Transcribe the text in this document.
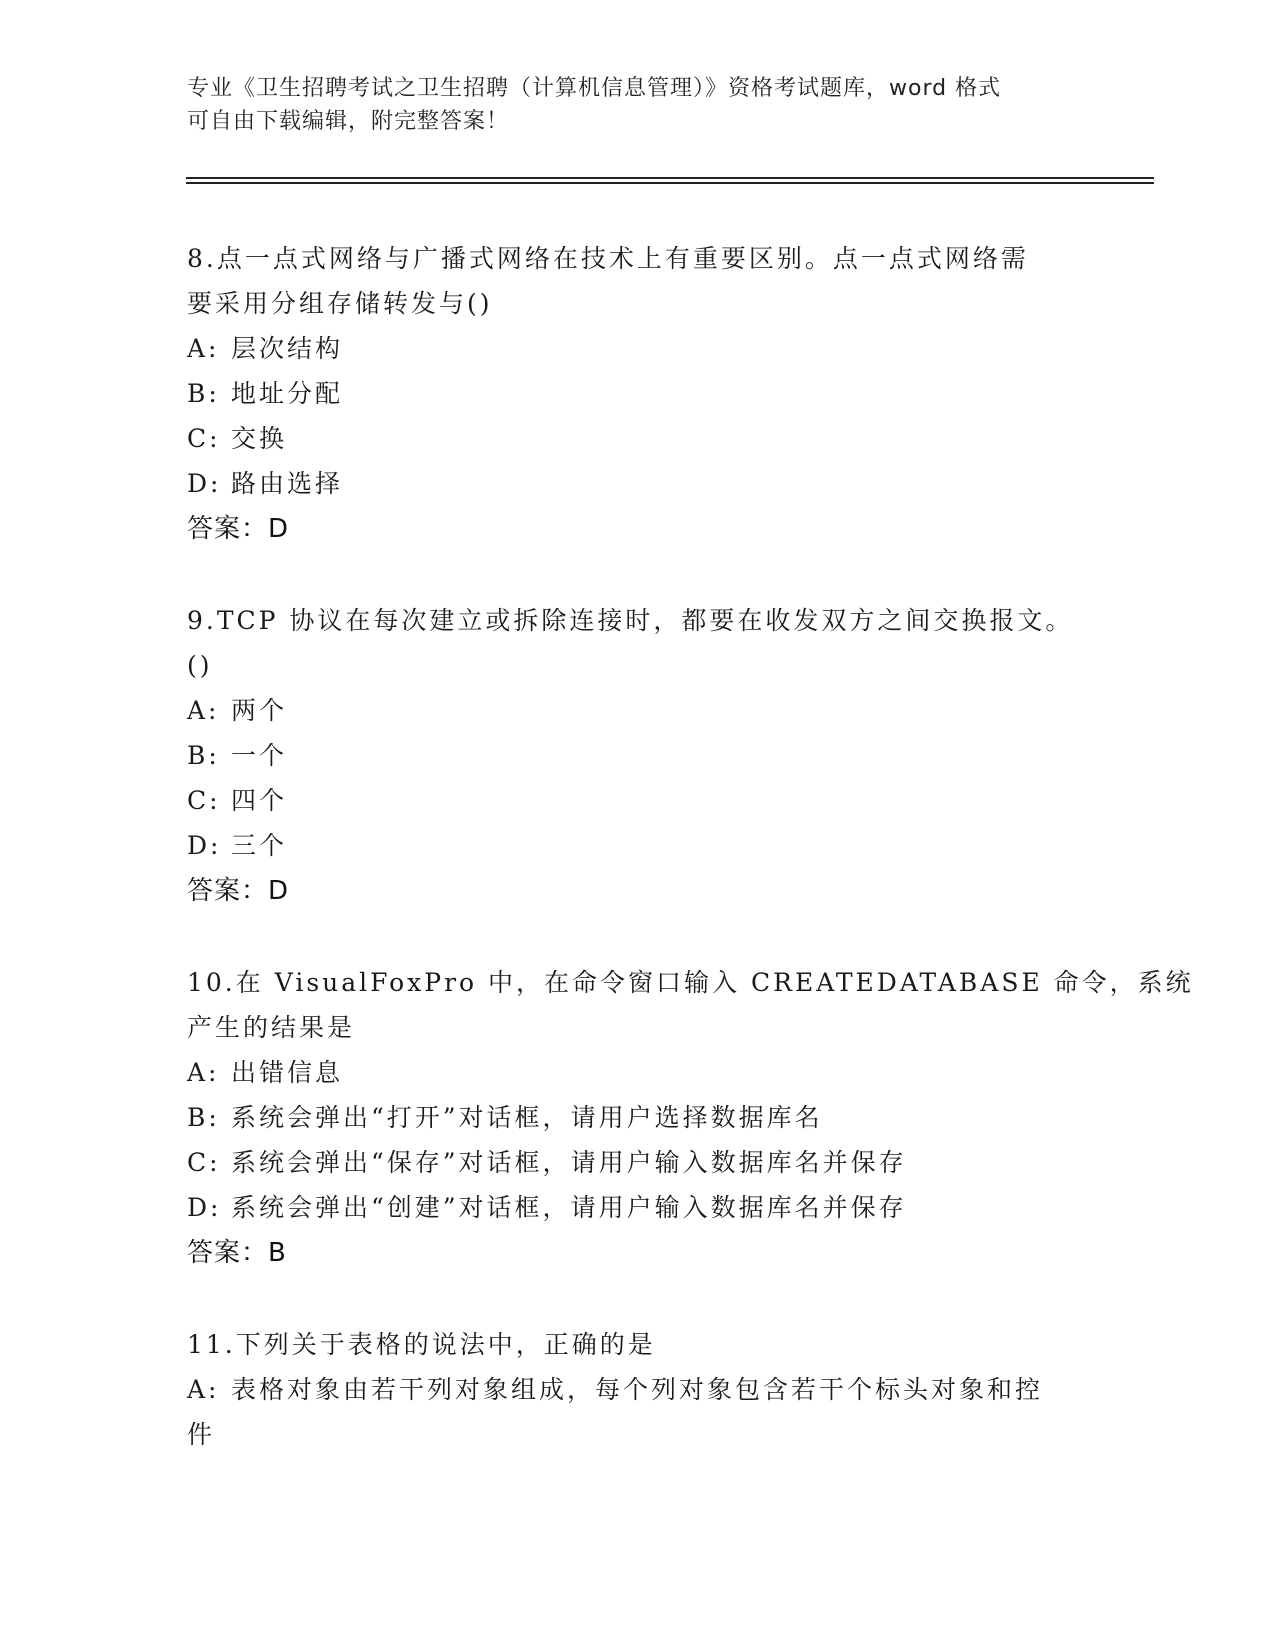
专业《卫生招聘考试之卫生招聘（计算机信息管理）》资格考试题库，word 格式
可自由下载编辑，附完整答案！
8.点一点式网络与广播式网络在技术上有重要区别。点一点式网络需
要采用分组存储转发与()
A: 层次结构
B: 地址分配
C: 交换
D: 路由选择
答案：D
9.TCP 协议在每次建立或拆除连接时，都要在收发双方之间交换报文。
()
A: 两个
B: 一个
C: 四个
D: 三个
答案：D
10.在 VisualFoxPro 中，在命令窗口输入 CREATEDATABASE 命令，系统
产生的结果是
A: 出错信息
B: 系统会弹出“打开”对话框，请用户选择数据库名
C: 系统会弹出“保存”对话框，请用户输入数据库名并保存
D: 系统会弹出“创建”对话框，请用户输入数据库名并保存
答案：B
11.下列关于表格的说法中，正确的是
A: 表格对象由若干列对象组成，每个列对象包含若干个标头对象和控
件
